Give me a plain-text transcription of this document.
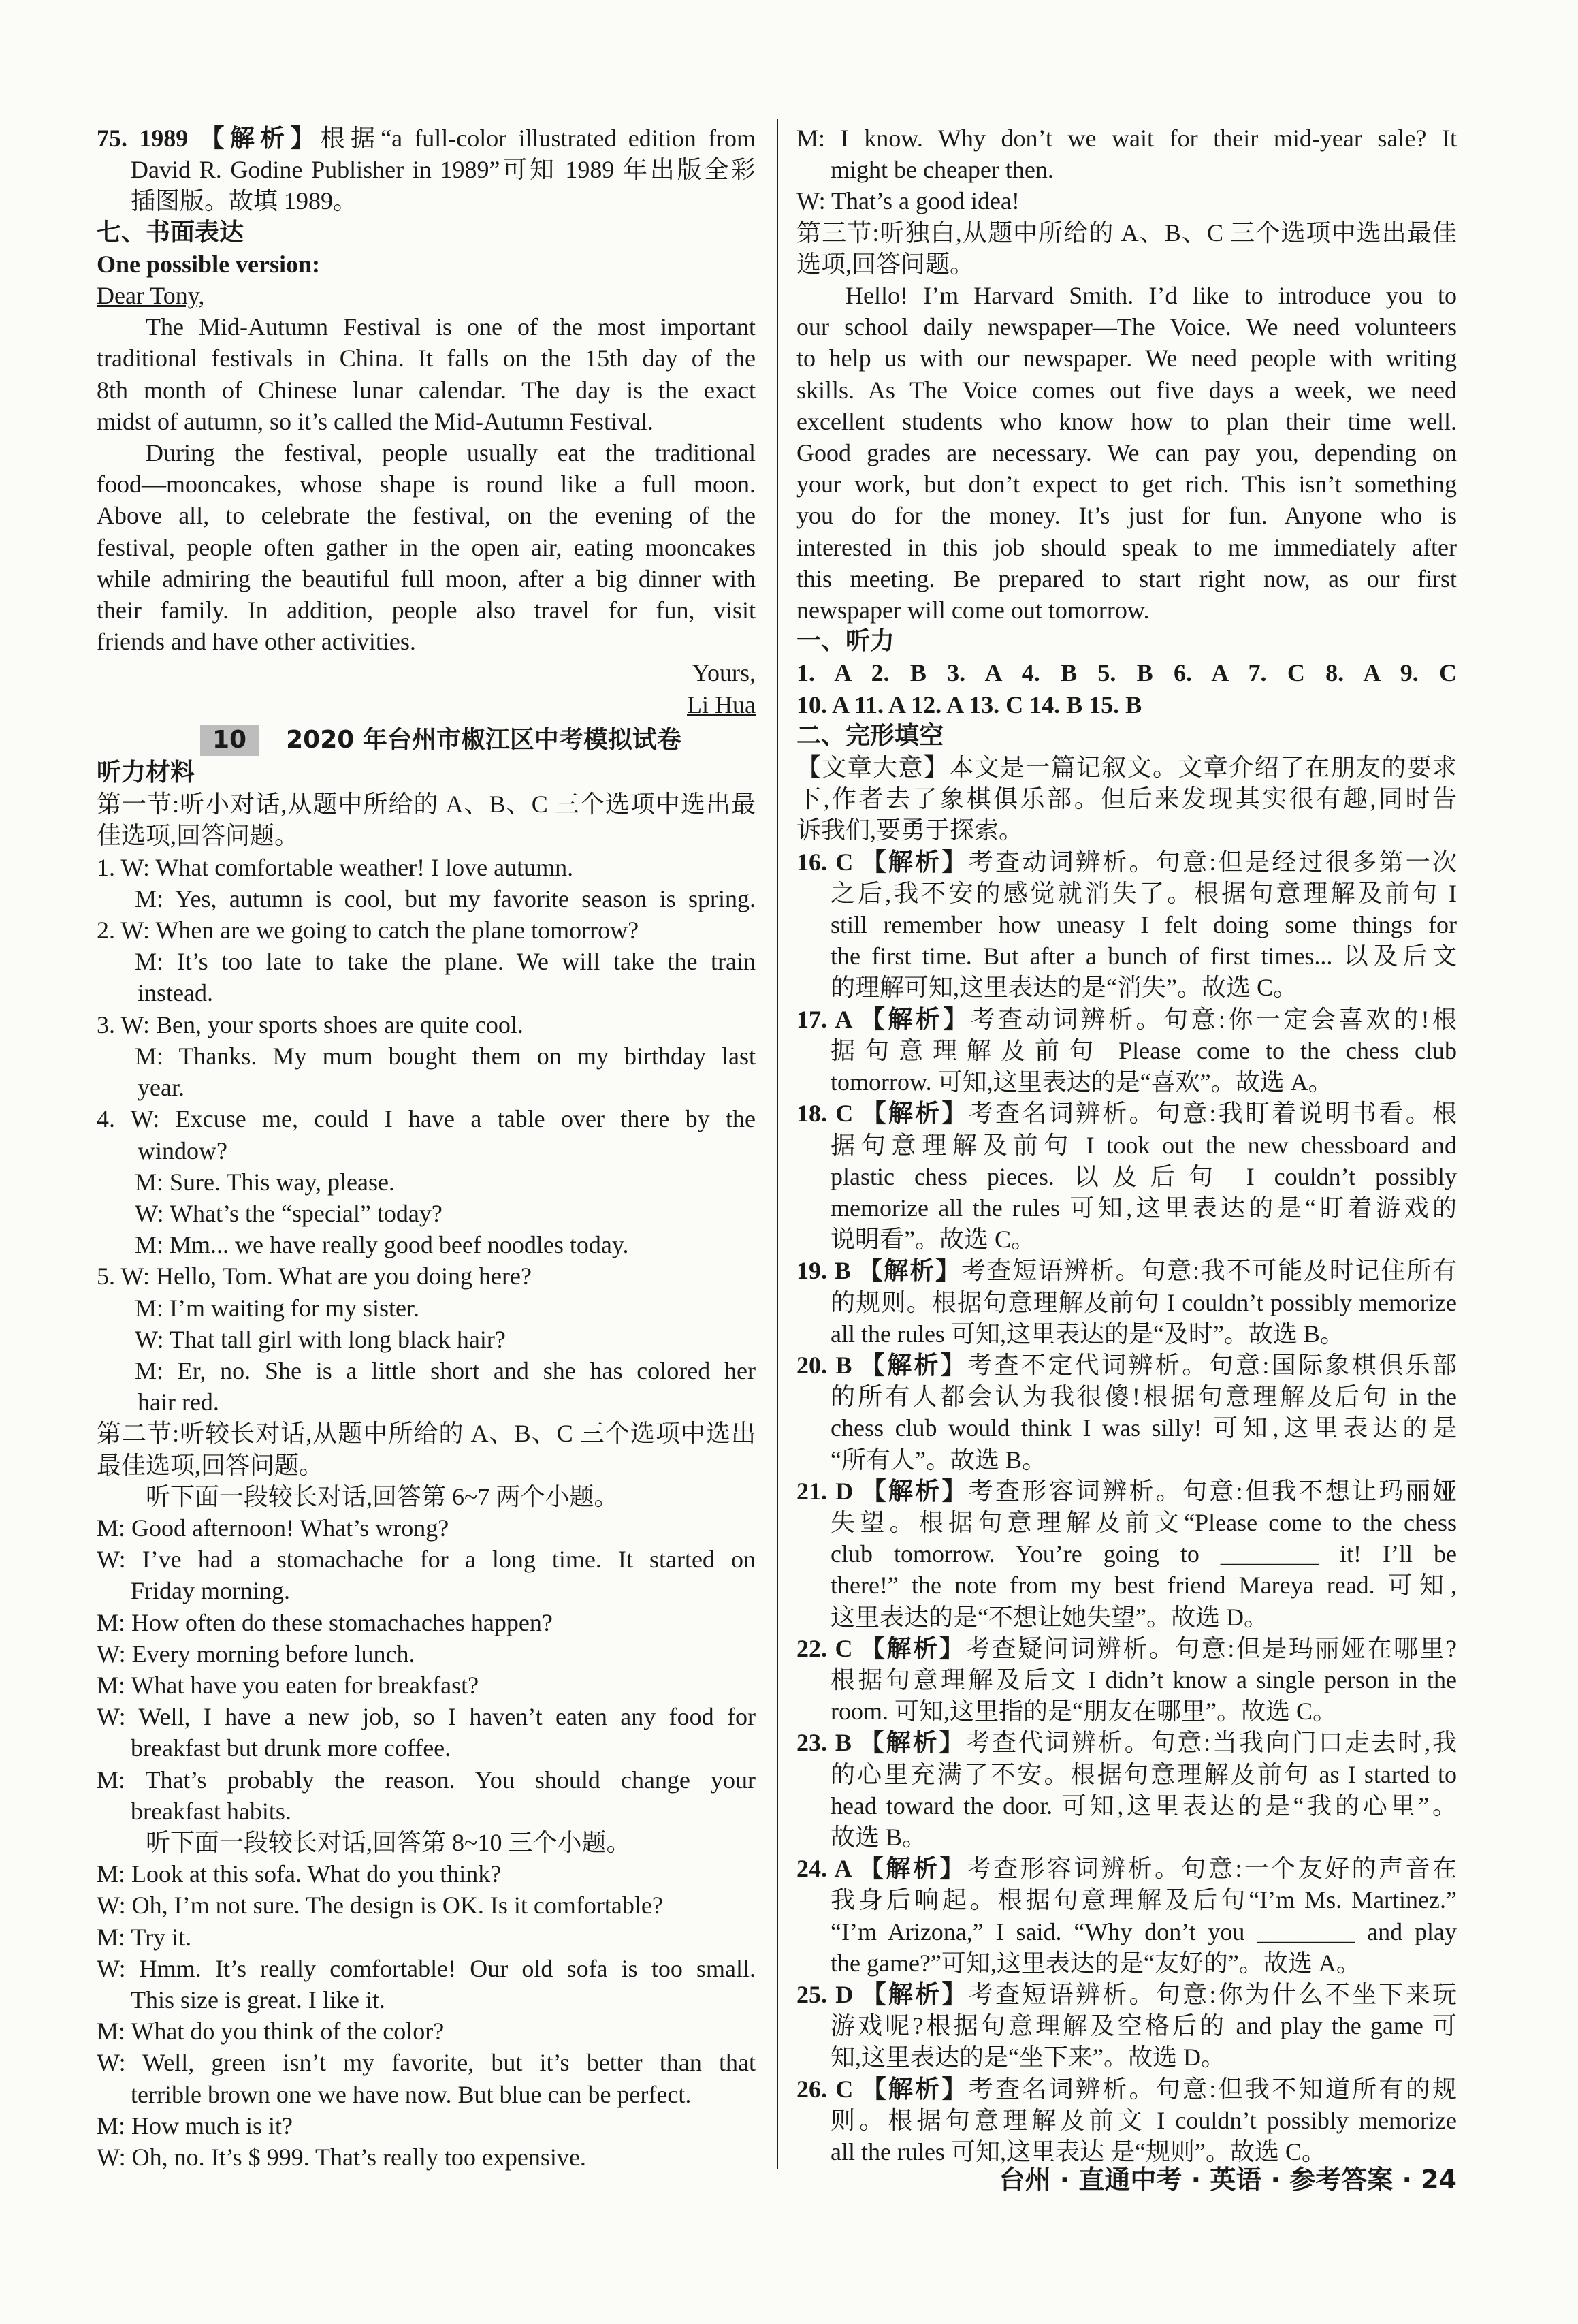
75. 1989 【解析】根据“a full-color illustrated edition from
David R. Godine Publisher in 1989”可知 1989 年出版全彩
插图版。故填 1989。
七、书面表达
One possible version:
Dear Tony,
The Mid-Autumn Festival is one of the most important
traditional festivals in China. It falls on the 15th day of the
8th month of Chinese lunar calendar. The day is the exact
midst of autumn, so it’s called the Mid-Autumn Festival.
During the festival, people usually eat the traditional
food—mooncakes, whose shape is round like a full moon.
Above all, to celebrate the festival, on the evening of the
festival, people often gather in the open air, eating mooncakes
while admiring the beautiful full moon, after a big dinner with
their family. In addition, people also travel for fun, visit
friends and have other activities.
Yours,
Li Hua
10 2020 年台州市椒江区中考模拟试卷
听力材料
第一节:听小对话,从题中所给的 A、B、C 三个选项中选出最
佳选项,回答问题。
1. W: What comfortable weather! I love autumn.
M: Yes, autumn is cool, but my favorite season is spring.
2. W: When are we going to catch the plane tomorrow?
M: It’s too late to take the plane. We will take the train
instead.
3. W: Ben, your sports shoes are quite cool.
M: Thanks. My mum bought them on my birthday last
year.
4. W: Excuse me, could I have a table over there by the
window?
M: Sure. This way, please.
W: What’s the “special” today?
M: Mm... we have really good beef noodles today.
5. W: Hello, Tom. What are you doing here?
M: I’m waiting for my sister.
W: That tall girl with long black hair?
M: Er, no. She is a little short and she has colored her
hair red.
第二节:听较长对话,从题中所给的 A、B、C 三个选项中选出
最佳选项,回答问题。
听下面一段较长对话,回答第 6~7 两个小题。
M: Good afternoon! What’s wrong?
W: I’ve had a stomachache for a long time. It started on
Friday morning.
M: How often do these stomachaches happen?
W: Every morning before lunch.
M: What have you eaten for breakfast?
W: Well, I have a new job, so I haven’t eaten any food for
breakfast but drunk more coffee.
M: That’s probably the reason. You should change your
breakfast habits.
听下面一段较长对话,回答第 8~10 三个小题。
M: Look at this sofa. What do you think?
W: Oh, I’m not sure. The design is OK. Is it comfortable?
M: Try it.
W: Hmm. It’s really comfortable! Our old sofa is too small.
This size is great. I like it.
M: What do you think of the color?
W: Well, green isn’t my favorite, but it’s better than that
terrible brown one we have now. But blue can be perfect.
M: How much is it?
W: Oh, no. It’s $ 999. That’s really too expensive.
M: I know. Why don’t we wait for their mid-year sale? It
might be cheaper then.
W: That’s a good idea!
第三节:听独白,从题中所给的 A、B、C 三个选项中选出最佳
选项,回答问题。
Hello! I’m Harvard Smith. I’d like to introduce you to
our school daily newspaper—The Voice. We need volunteers
to help us with our newspaper. We need people with writing
skills. As The Voice comes out five days a week, we need
excellent students who know how to plan their time well.
Good grades are necessary. We can pay you, depending on
your work, but don’t expect to get rich. This isn’t something
you do for the money. It’s just for fun. Anyone who is
interested in this job should speak to me immediately after
this meeting. Be prepared to start right now, as our first
newspaper will come out tomorrow.
一、听力
1. A 2. B 3. A 4. B 5. B 6. A 7. C 8. A 9. C
10. A 11. A 12. A 13. C 14. B 15. B
二、完形填空
【文章大意】本文是一篇记叙文。文章介绍了在朋友的要求
下,作者去了象棋俱乐部。但后来发现其实很有趣,同时告
诉我们,要勇于探索。
16. C 【解析】考查动词辨析。句意:但是经过很多第一次
之后,我不安的感觉就消失了。根据句意理解及前句 I
still remember how uneasy I felt doing some things for
the first time. But after a bunch of first times... 以及后文
的理解可知,这里表达的是“消失”。故选 C。
17. A 【解析】考查动词辨析。句意:你一定会喜欢的!根
据句意理解及前句 Please come to the chess club
tomorrow. 可知,这里表达的是“喜欢”。故选 A。
18. C 【解析】考查名词辨析。句意:我盯着说明书看。根
据句意理解及前句 I took out the new chessboard and
plastic chess pieces. 以及后句 I couldn’t possibly
memorize all the rules 可知,这里表达的是“盯着游戏的
说明看”。故选 C。
19. B 【解析】考查短语辨析。句意:我不可能及时记住所有
的规则。根据句意理解及前句 I couldn’t possibly memorize
all the rules 可知,这里表达的是“及时”。故选 B。
20. B 【解析】考查不定代词辨析。句意:国际象棋俱乐部
的所有人都会认为我很傻!根据句意理解及后句 in the
chess club would think I was silly! 可知,这里表达的是
“所有人”。故选 B。
21. D 【解析】考查形容词辨析。句意:但我不想让玛丽娅
失望。根据句意理解及前文“Please come to the chess
club tomorrow. You’re going to ________ it! I’ll be
there!” the note from my best friend Mareya read. 可知,
这里表达的是“不想让她失望”。故选 D。
22. C 【解析】考查疑问词辨析。句意:但是玛丽娅在哪里?
根据句意理解及后文 I didn’t know a single person in the
room. 可知,这里指的是“朋友在哪里”。故选 C。
23. B 【解析】考查代词辨析。句意:当我向门口走去时,我
的心里充满了不安。根据句意理解及前句 as I started to
head toward the door. 可知,这里表达的是“我的心里”。
故选 B。
24. A 【解析】考查形容词辨析。句意:一个友好的声音在
我身后响起。根据句意理解及后句“I’m Ms. Martinez.”
“I’m Arizona,” I said. “Why don’t you ________ and play
the game?”可知,这里表达的是“友好的”。故选 A。
25. D 【解析】考查短语辨析。句意:你为什么不坐下来玩
游戏呢?根据句意理解及空格后的 and play the game 可
知,这里表达的是“坐下来”。故选 D。
26. C 【解析】考查名词辨析。句意:但我不知道所有的规
则。根据句意理解及前文 I couldn’t possibly memorize
all the rules 可知,这里表达 是“规则”。故选 C。
台州 · 直通中考 · 英语 · 参考答案 · 24
